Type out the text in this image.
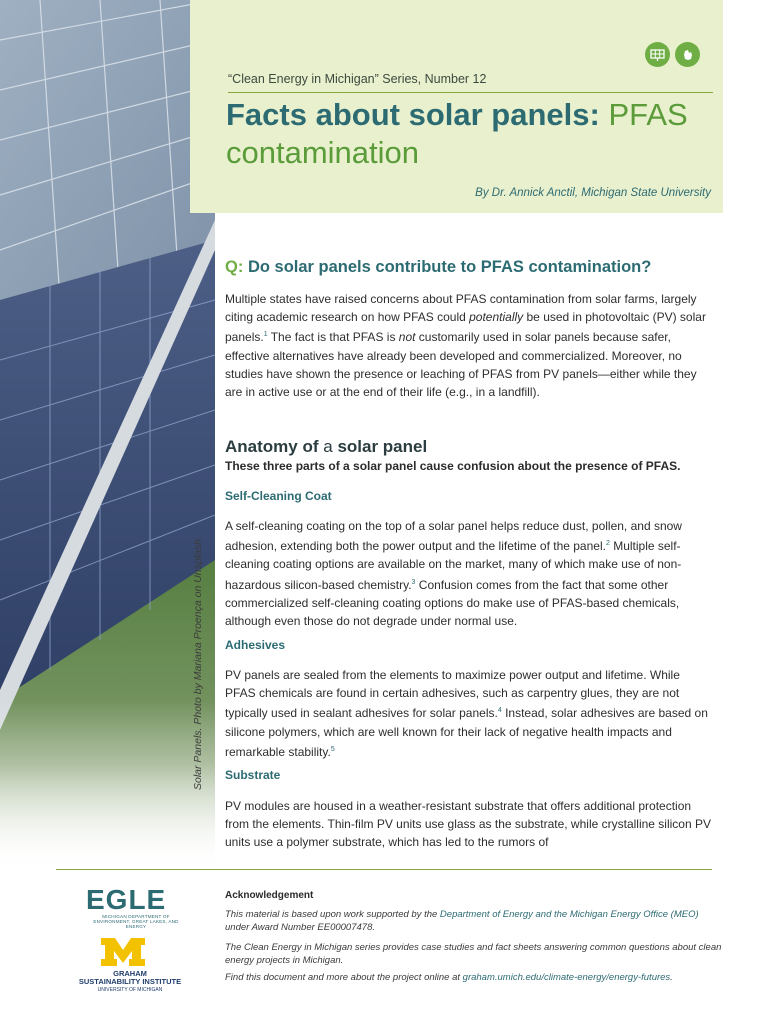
Solar Panels. Photo by Mariana Proença on Unsplash
“Clean Energy in Michigan” Series, Number 12
Facts about solar panels: PFAS
contamination
By Dr. Annick Anctil, Michigan State University
Q: Do solar panels contribute to PFAS contamination?
Multiple states have raised concerns about PFAS contamination from solar farms, largely citing academic research on how PFAS could potentially be used in photovoltaic (PV) solar panels.$^1$ The fact is that PFAS is not customarily used in solar panels because safer, effective alternatives have already been developed and commercialized. Moreover, no studies have shown the presence or leaching of PFAS from PV panels—either while they are in active use or at the end of their life (e.g., in a landfill).
Anatomy of a solar panel
These three parts of a solar panel cause confusion about the presence of PFAS.
Self-Cleaning Coat
A self-cleaning coating on the top of a solar panel helps reduce dust, pollen, and snow adhesion, extending both the power output and the lifetime of the panel.$^2$ Multiple self-cleaning coating options are available on the market, many of which make use of non-hazardous silicon-based chemistry.$^3$ Confusion comes from the fact that some other commercialized self-cleaning coating options do make use of PFAS-based chemicals, although even those do not degrade under normal use.
Adhesives
PV panels are sealed from the elements to maximize power output and lifetime. While PFAS chemicals are found in certain adhesives, such as carpentry glues, they are not typically used in sealant adhesives for solar panels.$^4$ Instead, solar adhesives are based on silicone polymers, which are well known for their lack of negative health impacts and remarkable stability.$^5$
Substrate
PV modules are housed in a weather-resistant substrate that offers additional protection from the elements. Thin-film PV units use glass as the substrate, while crystalline silicon PV units use a polymer substrate, which has led to the rumors of
EGLE
MICHIGAN DEPARTMENT OF ENVIRONMENT, GREAT LAKES, AND ENERGY
GRAHAM
SUSTAINABILITY INSTITUTE
UNIVERSITY OF MICHIGAN
Acknowledgement
This material is based upon work supported by the Department of Energy and the Michigan Energy Office (MEO) under Award Number EE00007478.
The Clean Energy in Michigan series provides case studies and fact sheets answering common questions about clean energy projects in Michigan.
Find this document and more about the project online at graham.umich.edu/climate-energy/energy-futures.
